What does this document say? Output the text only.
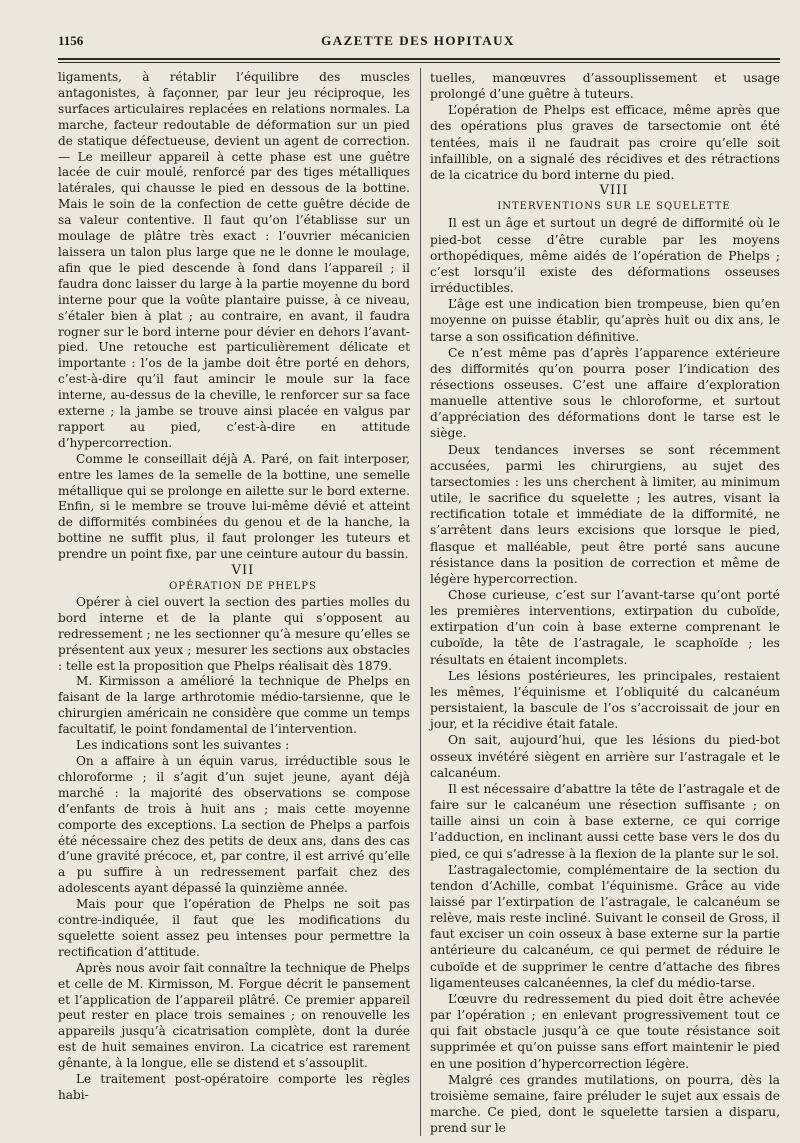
1156	GAZETTE DES HOPITAUX

ligaments, à rétablir l’équilibre des muscles antagonistes, à façonner, par leur jeu réciproque, les surfaces articulaires replacées en relations normales. La marche, facteur redoutable de déformation sur un pied de statique défectueuse, devient un agent de correction. — Le meilleur appareil à cette phase est une guêtre lacée de cuir moulé, renforcé par des tiges métalliques latérales, qui chausse le pied en dessous de la bottine. Mais le soin de la confection de cette guêtre décide de sa valeur contentive. Il faut qu’on l’établisse sur un moulage de plâtre très exact : l’ouvrier mécanicien laissera un talon plus large que ne le donne le moulage, afin que le pied descende à fond dans l’appareil ; il faudra donc laisser du large à la partie moyenne du bord interne pour que la voûte plantaire puisse, à ce niveau, s’étaler bien à plat ; au contraire, en avant, il faudra rogner sur le bord interne pour dévier en dehors l’avant-pied. Une retouche est particulièrement délicate et importante : l’os de la jambe doit être porté en dehors, c’est-à-dire qu’il faut amincir le moule sur la face interne, au-dessus de la cheville, le renforcer sur sa face externe ; la jambe se trouve ainsi placée en valgus par rapport au pied, c’est-à-dire en attitude d’hypercorrection.

Comme le conseillait déjà A. Paré, on fait interposer, entre les lames de la semelle de la bottine, une semelle métallique qui se prolonge en ailette sur le bord externe. Enfin, si le membre se trouve lui-même dévié et atteint de difformités combinées du genou et de la hanche, la bottine ne suffit plus, il faut prolonger les tuteurs et prendre un point fixe, par une ceinture autour du bassin.

VII

OPÉRATION DE PHELPS

Opérer à ciel ouvert la section des parties molles du bord interne et de la plante qui s’opposent au redressement ; ne les sectionner qu’à mesure qu’elles se présentent aux yeux ; mesurer les sections aux obstacles : telle est la proposition que Phelps réalisait dès 1879.

M. Kirmisson a amélioré la technique de Phelps en faisant de la large arthrotomie médio-tarsienne, que le chirurgien américain ne considère que comme un temps facultatif, le point fondamental de l’intervention.

Les indications sont les suivantes :

On a affaire à un équin varus, irréductible sous le chloroforme ; il s’agit d’un sujet jeune, ayant déjà marché : la majorité des observations se compose d’enfants de trois à huit ans ; mais cette moyenne comporte des exceptions. La section de Phelps a parfois été nécessaire chez des petits de deux ans, dans des cas d’une gravité précoce, et, par contre, il est arrivé qu’elle a pu suffire à un redressement parfait chez des adolescents ayant dépassé la quinzième année.

Mais pour que l’opération de Phelps ne soit pas contre-indiquée, il faut que les modifications du squelette soient assez peu intenses pour permettre la rectification d’attitude.

Après nous avoir fait connaître la technique de Phelps et celle de M. Kirmisson, M. Forgue décrit le pansement et l’application de l’appareil plâtré. Ce premier appareil peut rester en place trois semaines ; on renouvelle les appareils jusqu’à cicatrisation complète, dont la durée est de huit semaines environ. La cicatrice est rarement gênante, à la longue, elle se distend et s’assouplit.

Le traitement post-opératoire comporte les règles habi-

tuelles, manœuvres d’assouplissement et usage prolongé d’une guêtre à tuteurs.

L’opération de Phelps est efficace, même après que des opérations plus graves de tarsectomie ont été tentées, mais il ne faudrait pas croire qu’elle soit infaillible, on a signalé des récidives et des rétractions de la cicatrice du bord interne du pied.

VIII

INTERVENTIONS SUR LE SQUELETTE

Il est un âge et surtout un degré de difformité où le pied-bot cesse d’être curable par les moyens orthopédiques, même aidés de l’opération de Phelps ; c’est lorsqu’il existe des déformations osseuses irréductibles.

L’âge est une indication bien trompeuse, bien qu’en moyenne on puisse établir, qu’après huit ou dix ans, le tarse a son ossification définitive.

Ce n’est même pas d’après l’apparence extérieure des difformités qu’on pourra poser l’indication des résections osseuses. C’est une affaire d’exploration manuelle attentive sous le chloroforme, et surtout d’appréciation des déformations dont le tarse est le siège.

Deux tendances inverses se sont récemment accusées, parmi les chirurgiens, au sujet des tarsectomies : les uns cherchent à limiter, au minimum utile, le sacrifice du squelette ; les autres, visant la rectification totale et immédiate de la difformité, ne s’arrêtent dans leurs excisions que lorsque le pied, flasque et malléable, peut être porté sans aucune résistance dans la position de correction et même de légère hypercorrection.

Chose curieuse, c’est sur l’avant-tarse qu’ont porté les premières interventions, extirpation du cuboïde, extirpation d’un coin à base externe comprenant le cuboïde, la tête de l’astragale, le scaphoïde ; les résultats en étaient incomplets.

Les lésions postérieures, les principales, restaient les mêmes, l’équinisme et l’obliquité du calcanéum persistaient, la bascule de l’os s’accroissait de jour en jour, et la récidive était fatale.

On sait, aujourd’hui, que les lésions du pied-bot osseux invétéré siègent en arrière sur l’astragale et le calcanéum.

Il est nécessaire d’abattre la tête de l’astragale et de faire sur le calcanéum une résection suffisante ; on taille ainsi un coin à base externe, ce qui corrige l’adduction, en inclinant aussi cette base vers le dos du pied, ce qui s’adresse à la flexion de la plante sur le sol.

L’astragalectomie, complémentaire de la section du tendon d’Achille, combat l’équinisme. Grâce au vide laissé par l’extirpation de l’astragale, le calcanéum se relève, mais reste incliné. Suivant le conseil de Gross, il faut exciser un coin osseux à base externe sur la partie antérieure du calcanéum, ce qui permet de réduire le cuboïde et de supprimer le centre d’attache des fibres ligamenteuses calcanéennes, la clef du médio-tarse.

L’œuvre du redressement du pied doit être achevée par l’opération ; en enlevant progressivement tout ce qui fait obstacle jusqu’à ce que toute résistance soit supprimée et qu’on puisse sans effort maintenir le pied en une position d’hypercorrection légère.

Malgré ces grandes mutilations, on pourra, dès la troisième semaine, faire préluder le sujet aux essais de marche. Ce pied, dont le squelette tarsien a disparu, prend sur le
